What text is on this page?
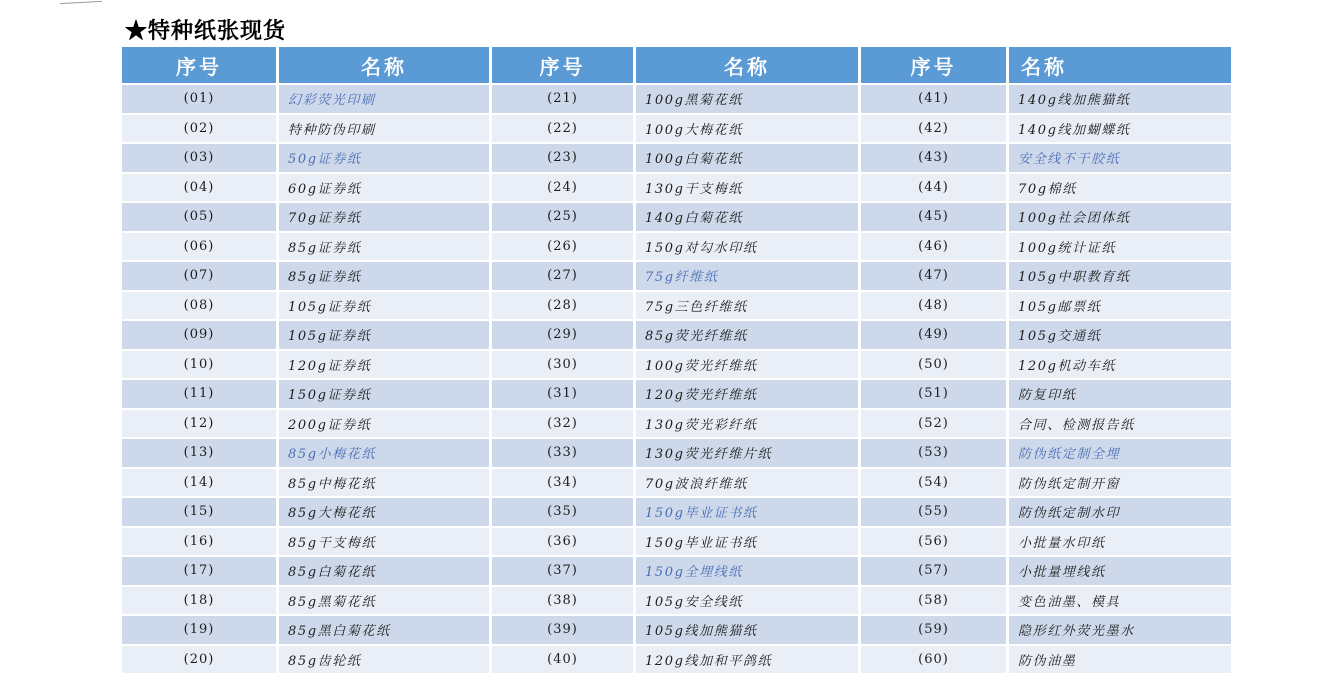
★特种纸张现货
序号	名称	序号	名称	序号	名称
(01)	幻彩荧光印刷	(21)	100g黑菊花纸	(41)	140g线加熊猫纸
(02)	特种防伪印刷	(22)	100g大梅花纸	(42)	140g线加蝴蝶纸
(03)	50g证券纸	(23)	100g白菊花纸	(43)	安全线不干胶纸
(04)	60g证券纸	(24)	130g干支梅纸	(44)	70g棉纸
(05)	70g证券纸	(25)	140g白菊花纸	(45)	100g社会团体纸
(06)	85g证券纸	(26)	150g对勾水印纸	(46)	100g统计证纸
(07)	85g证券纸	(27)	75g纤维纸	(47)	105g中职教育纸
(08)	105g证券纸	(28)	75g三色纤维纸	(48)	105g邮票纸
(09)	105g证券纸	(29)	85g荧光纤维纸	(49)	105g交通纸
(10)	120g证券纸	(30)	100g荧光纤维纸	(50)	120g机动车纸
(11)	150g证券纸	(31)	120g荧光纤维纸	(51)	防复印纸
(12)	200g证券纸	(32)	130g荧光彩纤纸	(52)	合同、检测报告纸
(13)	85g小梅花纸	(33)	130g荧光纤维片纸	(53)	防伪纸定制全埋
(14)	85g中梅花纸	(34)	70g波浪纤维纸	(54)	防伪纸定制开窗
(15)	85g大梅花纸	(35)	150g毕业证书纸	(55)	防伪纸定制水印
(16)	85g干支梅纸	(36)	150g毕业证书纸	(56)	小批量水印纸
(17)	85g白菊花纸	(37)	150g全埋线纸	(57)	小批量埋线纸
(18)	85g黑菊花纸	(38)	105g安全线纸	(58)	变色油墨、模具
(19)	85g黑白菊花纸	(39)	105g线加熊猫纸	(59)	隐形红外荧光墨水
(20)	85g齿轮纸	(40)	120g线加和平鸽纸	(60)	防伪油墨
